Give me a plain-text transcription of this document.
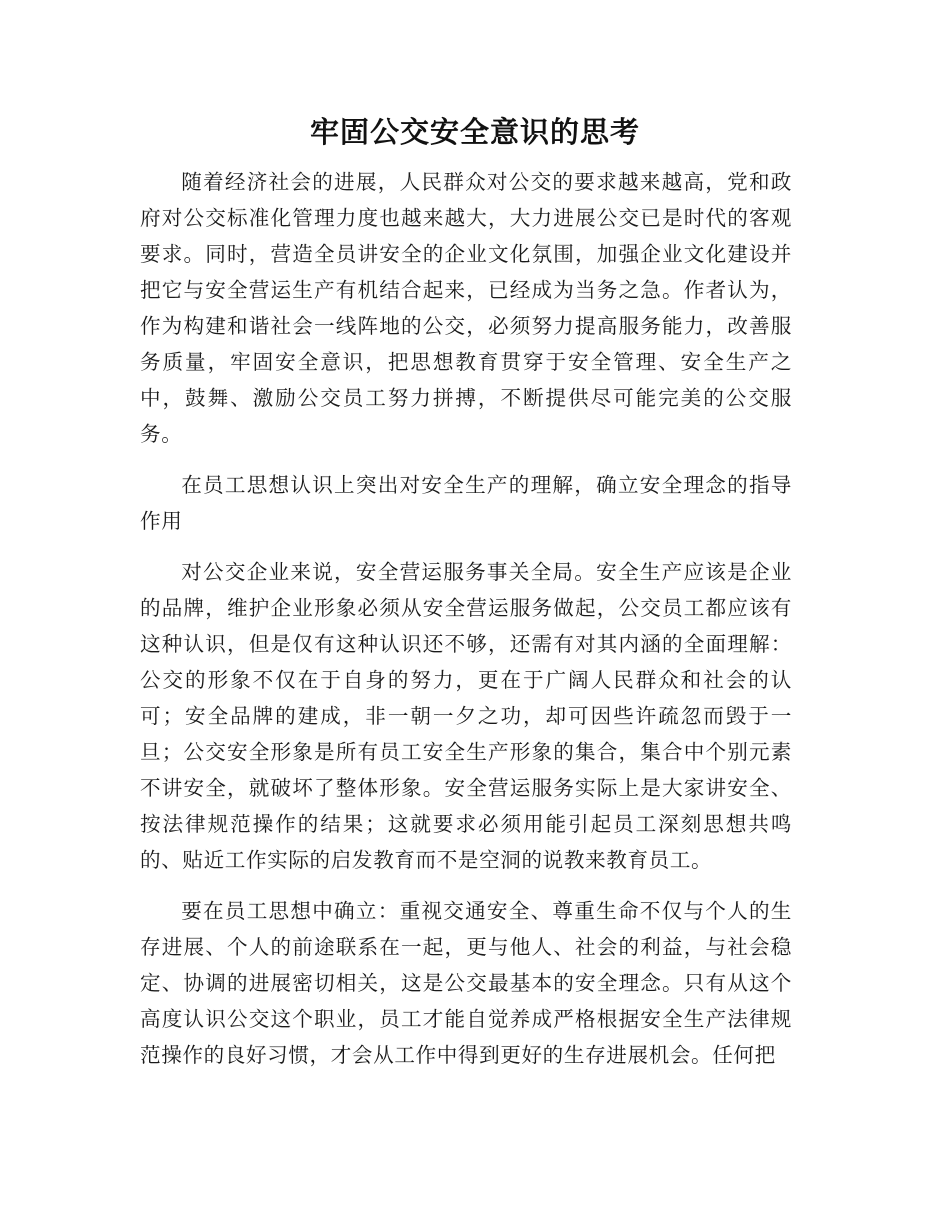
牢固公交安全意识的思考

随着经济社会的进展，人民群众对公交的要求越来越高，党和政府对公交标准化管理力度也越来越大，大力进展公交已是时代的客观要求。同时，营造全员讲安全的企业文化氛围，加强企业文化建设并把它与安全营运生产有机结合起来，已经成为当务之急。作者认为，作为构建和谐社会一线阵地的公交，必须努力提高服务能力，改善服务质量，牢固安全意识，把思想教育贯穿于安全管理、安全生产之中，鼓舞、激励公交员工努力拼搏，不断提供尽可能完美的公交服务。

在员工思想认识上突出对安全生产的理解，确立安全理念的指导作用

对公交企业来说，安全营运服务事关全局。安全生产应该是企业的品牌，维护企业形象必须从安全营运服务做起，公交员工都应该有这种认识，但是仅有这种认识还不够，还需有对其内涵的全面理解：公交的形象不仅在于自身的努力，更在于广阔人民群众和社会的认可；安全品牌的建成，非一朝一夕之功，却可因些许疏忽而毁于一旦；公交安全形象是所有员工安全生产形象的集合，集合中个别元素不讲安全，就破坏了整体形象。安全营运服务实际上是大家讲安全、按法律规范操作的结果；这就要求必须用能引起员工深刻思想共鸣的、贴近工作实际的启发教育而不是空洞的说教来教育员工。

要在员工思想中确立：重视交通安全、尊重生命不仅与个人的生存进展、个人的前途联系在一起，更与他人、社会的利益，与社会稳定、协调的进展密切相关，这是公交最基本的安全理念。只有从这个高度认识公交这个职业，员工才能自觉养成严格根据安全生产法律规范操作的良好习惯，才会从工作中得到更好的生存进展机会。任何把
